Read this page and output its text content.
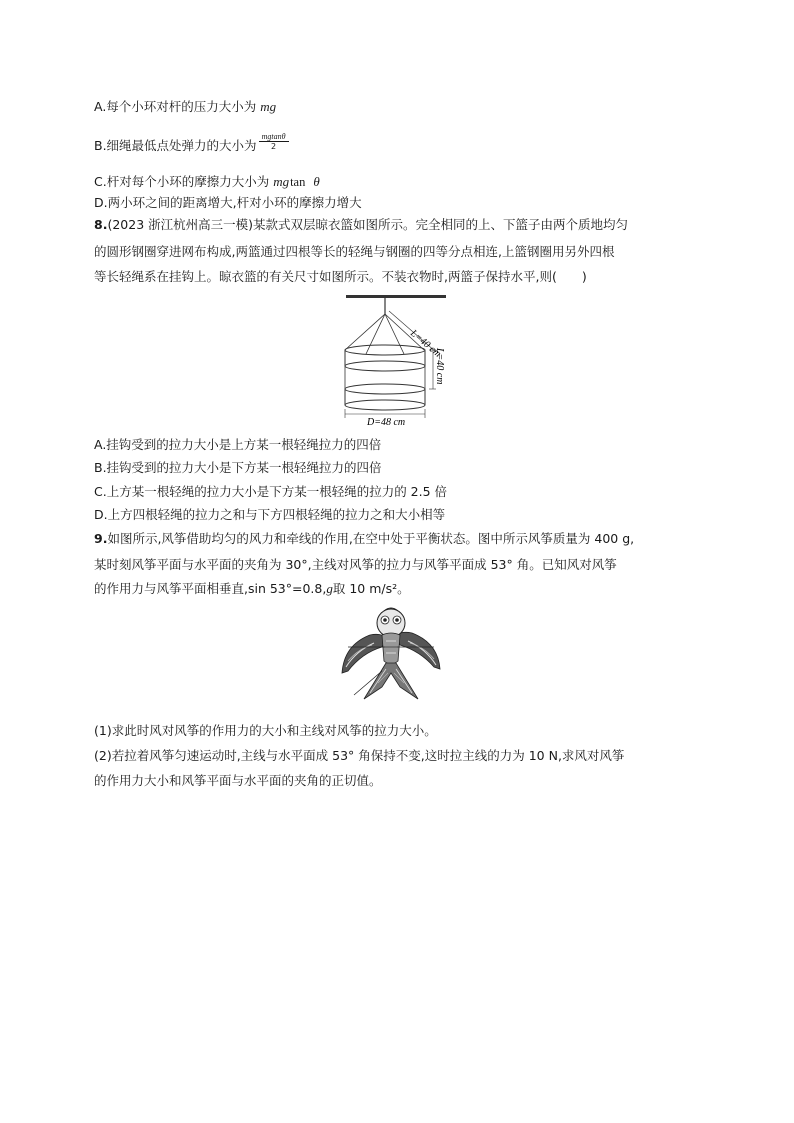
A.每个小环对杆的压力大小为 mg
B.细绳最低点处弹力的大小为 $\frac{mgtan\theta}{2}$
C.杆对每个小环的摩擦力大小为 mgtan θ
D.两小环之间的距离增大,杆对小环的摩擦力增大
8.(2023 浙江杭州高三一模)某款式双层晾衣篮如图所示。完全相同的上、下篮子由两个质地均匀
的圆形钢圈穿进网布构成,两篮通过四根等长的轻绳与钢圈的四等分点相连,上篮钢圈用另外四根
等长轻绳系在挂钩上。晾衣篮的有关尺寸如图所示。不装衣物时,两篮子保持水平,则(　　)
L=40 cm
L=40 cm
D=48 cm
A.挂钩受到的拉力大小是上方某一根轻绳拉力的四倍
B.挂钩受到的拉力大小是下方某一根轻绳拉力的四倍
C.上方某一根轻绳的拉力大小是下方某一根轻绳的拉力的 2.5 倍
D.上方四根轻绳的拉力之和与下方四根轻绳的拉力之和大小相等
9.如图所示,风筝借助均匀的风力和牵线的作用,在空中处于平衡状态。图中所示风筝质量为 400 g,
某时刻风筝平面与水平面的夹角为 30°,主线对风筝的拉力与风筝平面成 53° 角。已知风对风筝
的作用力与风筝平面相垂直,sin 53°=0.8,g取 10 m/s²。
(1)求此时风对风筝的作用力的大小和主线对风筝的拉力大小。
(2)若拉着风筝匀速运动时,主线与水平面成 53° 角保持不变,这时拉主线的力为 10 N,求风对风筝
的作用力大小和风筝平面与水平面的夹角的正切值。
